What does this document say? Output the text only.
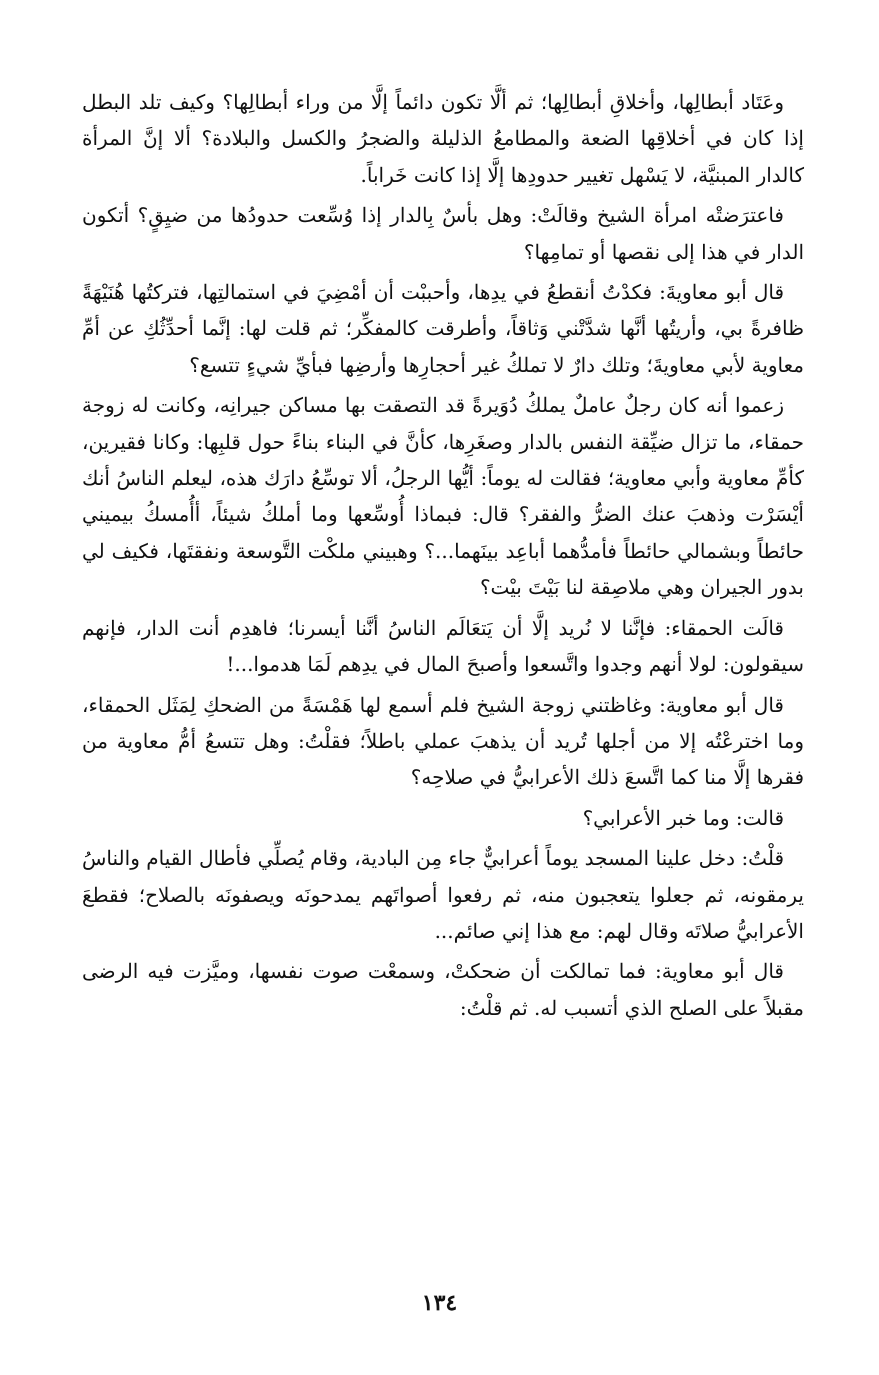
وعَتَاد أبطالِها، وأخلاقِ أبطالِها؛ ثم ألَّا تكون دائماً إلَّا من وراء أبطالِها؟ وكيف تلد البطل إذا كان في أخلاقِها الضعة والمطامعُ الذليلة والضجرُ والكسل والبلادة؟ ألا إنَّ المرأة كالدار المبنيَّة، لا يَسْهل تغيير حدودِها إلَّا إذا كانت خَراباً.

فاعترَضتْه امرأة الشيخ وقالَتْ: وهل بأسٌ بِالدار إذا وُسِّعت حدودُها من ضيِقٍ؟ أتكون الدار في هذا إلى نقصها أو تمامِها؟

قال أبو معاويةَ: فكدْتُ أنقطعُ في يدِها، وأحببْت أن أمْضِيَ في استمالتِها، فتركتُها هُنَيْهَةً ظافرةً بي، وأريتُها أنَّها شدَّتْني وَثاقاً، وأطرقت كالمفكِّر؛ ثم قلت لها: إنَّما أحدِّثُكِ عن أمِّ معاوية لأبي معاويةَ؛ وتلك دارٌ لا تملكُ غير أحجارِها وأرضِها فبأيِّ شيءٍ تتسع؟

زعموا أنه كان رجلٌ عاملٌ يملكُ دُوَيرةً قد التصقت بها مساكن جيرانِه، وكانت له زوجة حمقاء، ما تزال ضيِّقة النفس بالدار وصغَرِها، كأنَّ في البناء بناءً حول قلبِها: وكانا فقيرين، كأمِّ معاوية وأبي معاوية؛ فقالت له يوماً: أيُّها الرجلُ، ألا توسِّعُ دارَك هذه، ليعلم الناسُ أنك أيْسَرْت وذهبَ عنك الضرُّ والفقر؟ قال: فبماذا أُوسِّعها وما أملكُ شيئاً، أأُمسكُ بيميني حائطاً وبشمالي حائطاً فأمدُّهما أباعِد بينَهما...؟ وهبيني ملكْت التَّوسعة ونفقتَها، فكيف لي بدور الجيران وهي ملاصِقة لنا بَيْتَ بيْت؟

قالَت الحمقاء: فإنَّنا لا نُريد إلَّا أن يَتعَالَم الناسُ أنَّنا أيسرنا؛ فاهدِم أنت الدار، فإنهم سيقولون: لولا أنهم وجدوا واتَّسعوا وأصبحَ المال في يدِهم لَمَا هدموا...!

قال أبو معاوية: وغاظتني زوجة الشيخ فلم أسمع لها هَمْسَةً من الضحكِ لِمَثَل الحمقاء، وما اخترعْتُه إلا من أجلها تُريد أن يذهبَ عملي باطلاً؛ فقلْتُ: وهل تتسعُ أمُّ معاوية من فقرها إلَّا منا كما اتَّسعَ ذلك الأعرابيُّ في صلاحِه؟

قالت: وما خبر الأعرابي؟

قلْتُ: دخل علينا المسجد يوماً أعرابيٌّ جاء مِن البادية، وقام يُصلِّي فأطال القيام والناسُ يرمقونه، ثم جعلوا يتعجبون منه، ثم رفعوا أصواتَهم يمدحونَه ويصفونَه بالصلاح؛ فقطعَ الأعرابيُّ صلاتَه وقال لهم: مع هذا إني صائم...

قال أبو معاوية: فما تمالكت أن ضحكتْ، وسمعْت صوت نفسها، وميَّزت فيه الرضى مقبلاً على الصلح الذي أتسبب له. ثم قلْتُ:

١٣٤
